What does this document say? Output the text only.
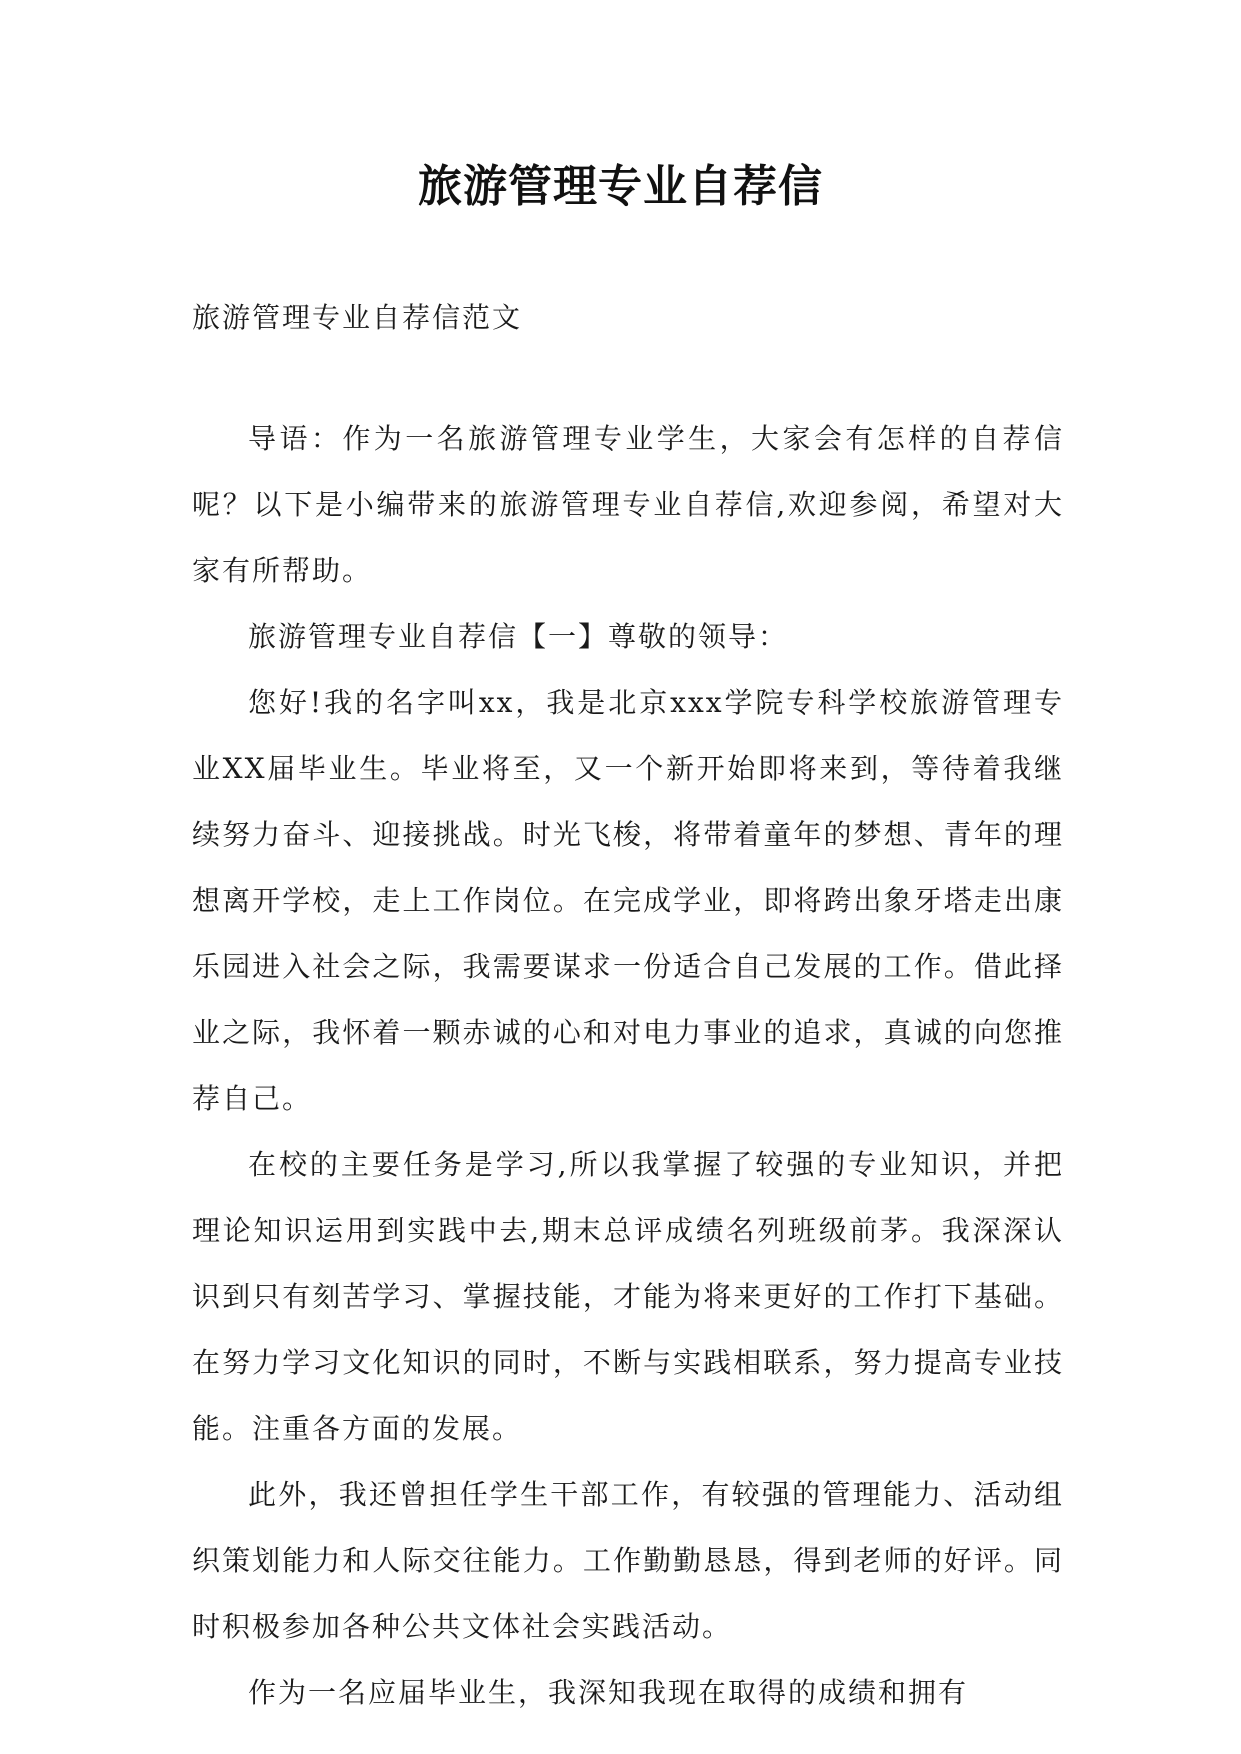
旅游管理专业自荐信
旅游管理专业自荐信范文

导语：作为一名旅游管理专业学生，大家会有怎样的自荐信呢？以下是小编带来的旅游管理专业自荐信,欢迎参阅，希望对大家有所帮助。

旅游管理专业自荐信【一】尊敬的领导：

您好!我的名字叫xx，我是北京xxx学院专科学校旅游管理专业XX届毕业生。毕业将至，又一个新开始即将来到，等待着我继续努力奋斗、迎接挑战。时光飞梭，将带着童年的梦想、青年的理想离开学校，走上工作岗位。在完成学业，即将跨出象牙塔走出康乐园进入社会之际，我需要谋求一份适合自己发展的工作。借此择业之际，我怀着一颗赤诚的心和对电力事业的追求，真诚的向您推荐自己。

在校的主要任务是学习,所以我掌握了较强的专业知识，并把理论知识运用到实践中去,期末总评成绩名列班级前茅。我深深认识到只有刻苦学习、掌握技能，才能为将来更好的工作打下基础。在努力学习文化知识的同时，不断与实践相联系，努力提高专业技能。注重各方面的发展。

此外，我还曾担任学生干部工作，有较强的管理能力、活动组织策划能力和人际交往能力。工作勤勤恳恳，得到老师的好评。同时积极参加各种公共文体社会实践活动。

作为一名应届毕业生，我深知我现在取得的成绩和拥有
